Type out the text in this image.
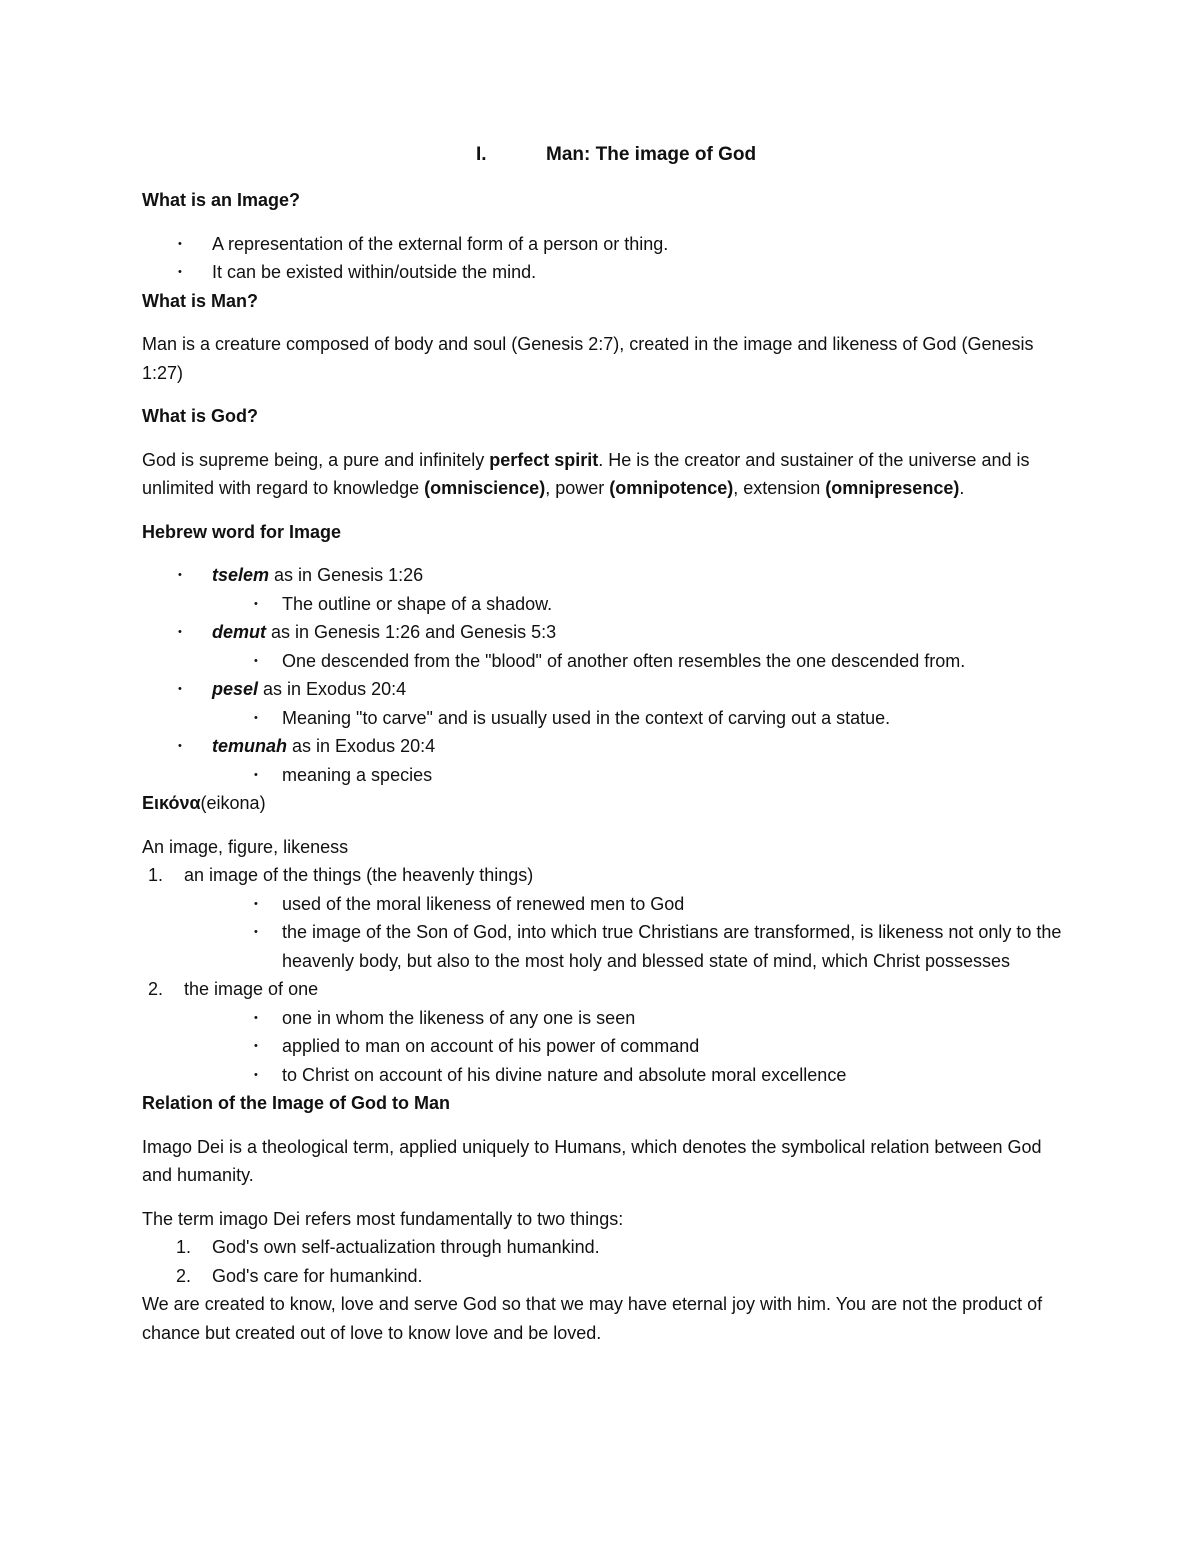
I.	Man: The image of God

What is an Image?

• A representation of the external form of a person or thing.
• It can be existed within/outside the mind.

What is Man?

Man is a creature composed of body and soul (Genesis 2:7), created in the image and likeness of God (Genesis 1:27)

What is God?

God is supreme being, a pure and infinitely perfect spirit. He is the creator and sustainer of the universe and is unlimited with regard to knowledge (omniscience), power (omnipotence), extension (omnipresence).

Hebrew word for Image

• tselem as in Genesis 1:26
• The outline or shape of a shadow.
• demut as in Genesis 1:26 and Genesis 5:3
• One descended from the "blood" of another often resembles the one descended from.
• pesel as in Exodus 20:4
• Meaning "to carve" and is usually used in the context of carving out a statue.
• temunah as in Exodus 20:4
• meaning a species

Εικόνα(eikona)

An image, figure, likeness

1. an image of the things (the heavenly things)
• used of the moral likeness of renewed men to God
• the image of the Son of God, into which true Christians are transformed, is likeness not only to the heavenly body, but also to the most holy and blessed state of mind, which Christ possesses
2. the image of one
• one in whom the likeness of any one is seen
• applied to man on account of his power of command
• to Christ on account of his divine nature and absolute moral excellence

Relation of the Image of God to Man

Imago Dei is a theological term, applied uniquely to Humans, which denotes the symbolical relation between God and humanity.

The term imago Dei refers most fundamentally to two things:

1. God's own self-actualization through humankind.
2. God's care for humankind.

We are created to know, love and serve God so that we may have eternal joy with him. You are not the product of chance but created out of love to know love and be loved.
